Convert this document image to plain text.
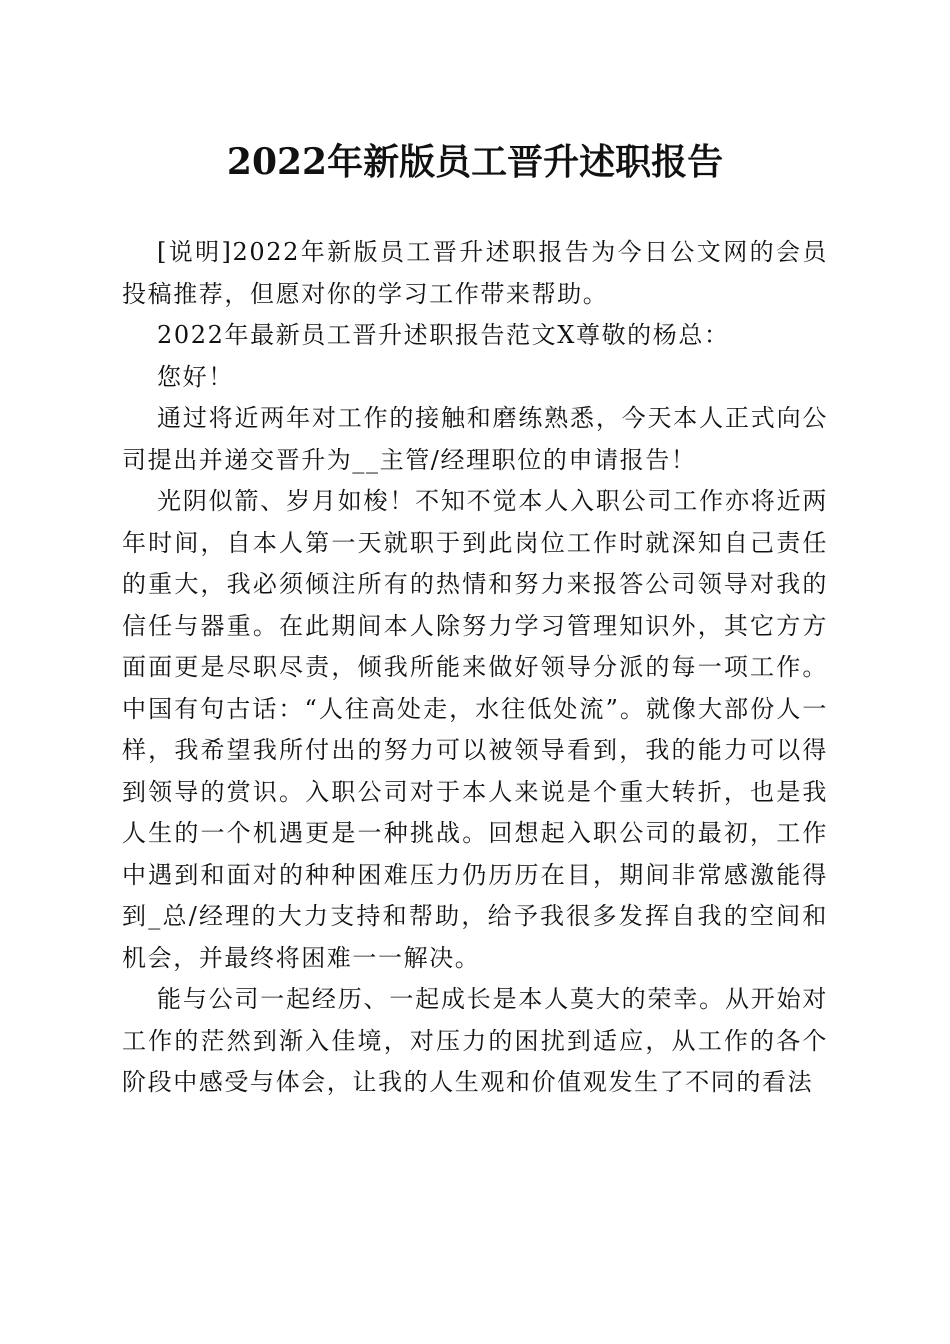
2022年新版员工晋升述职报告

[说明]2022年新版员工晋升述职报告为今日公文网的会员投稿推荐，但愿对你的学习工作带来帮助。

2022年最新员工晋升述职报告范文X尊敬的杨总：

您好！

通过将近两年对工作的接触和磨练熟悉，今天本人正式向公司提出并递交晋升为__主管/经理职位的申请报告！

光阴似箭、岁月如梭！不知不觉本人入职公司工作亦将近两年时间，自本人第一天就职于到此岗位工作时就深知自己责任的重大，我必须倾注所有的热情和努力来报答公司领导对我的信任与器重。在此期间本人除努力学习管理知识外，其它方方面面更是尽职尽责，倾我所能来做好领导分派的每一项工作。中国有句古话：“人往高处走，水往低处流”。就像大部份人一样，我希望我所付出的努力可以被领导看到，我的能力可以得到领导的赏识。入职公司对于本人来说是个重大转折，也是我人生的一个机遇更是一种挑战。回想起入职公司的最初，工作中遇到和面对的种种困难压力仍历历在目，期间非常感激能得到_总/经理的大力支持和帮助，给予我很多发挥自我的空间和机会，并最终将困难一一解决。

能与公司一起经历、一起成长是本人莫大的荣幸。从开始对工作的茫然到渐入佳境，对压力的困扰到适应，从工作的各个阶段中感受与体会，让我的人生观和价值观发生了不同的看法
